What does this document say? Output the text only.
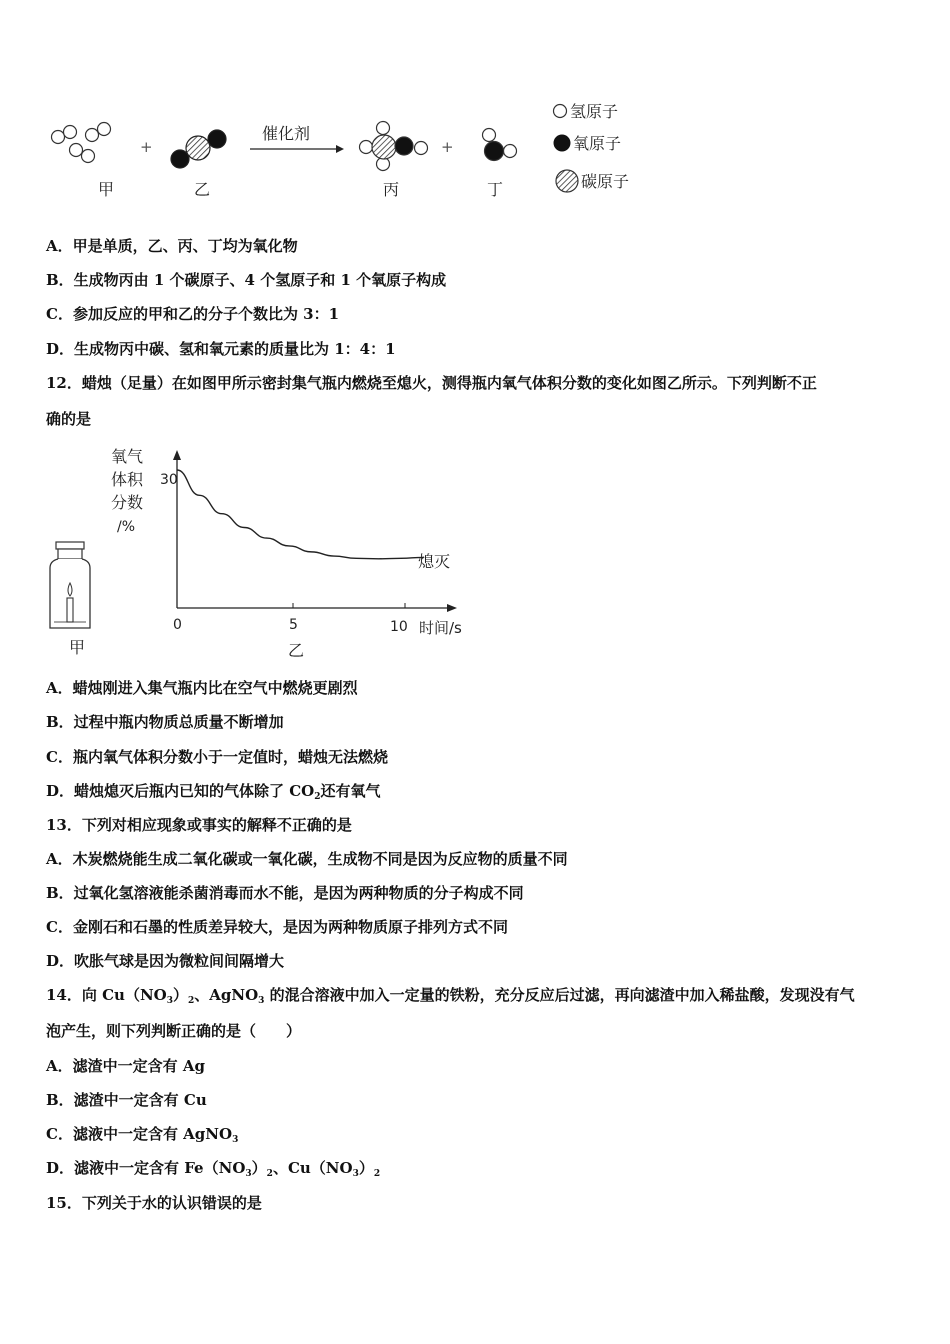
+
催化剂
+
甲	乙	丙	丁
氢原子
氧原子
碳原子
A．甲是单质，乙、丙、丁均为氧化物
B．生成物丙由 1 个碳原子、4 个氢原子和 1 个氧原子构成
C．参加反应的甲和乙的分子个数比为 3：1
D．生成物丙中碳、氢和氧元素的质量比为 1：4：1
12．蜡烛（足量）在如图甲所示密封集气瓶内燃烧至熄火，测得瓶内氧气体积分数的变化如图乙所示。下列判断不正
确的是
甲
氧气
体积
分数
/%
30
0	5	10 时间/s
熄灭
乙
A．蜡烛刚进入集气瓶内比在空气中燃烧更剧烈
B．过程中瓶内物质总质量不断增加
C．瓶内氧气体积分数小于一定值时，蜡烛无法燃烧
D．蜡烛熄灭后瓶内已知的气体除了 $CO_2$还有氧气
13．下列对相应现象或事实的解释不正确的是
A．木炭燃烧能生成二氧化碳或一氧化碳，生成物不同是因为反应物的质量不同
B．过氧化氢溶液能杀菌消毒而水不能，是因为两种物质的分子构成不同
C．金刚石和石墨的性质差异较大，是因为两种物质原子排列方式不同
D．吹胀气球是因为微粒间间隔增大
14．向 $Cu(NO_3)_2$、AgNO$_3$ 的混合溶液中加入一定量的铁粉，充分反应后过滤，再向滤渣中加入稀盐酸，发现没有气
泡产生，则下列判断正确的是（　　）
A．滤渣中一定含有 Ag
B．滤渣中一定含有 Cu
C．滤液中一定含有 AgNO$_3$
D．滤液中一定含有 $Fe(NO_3)_2$、$Cu(NO_3)_2$
15．下列关于水的认识错误的是
